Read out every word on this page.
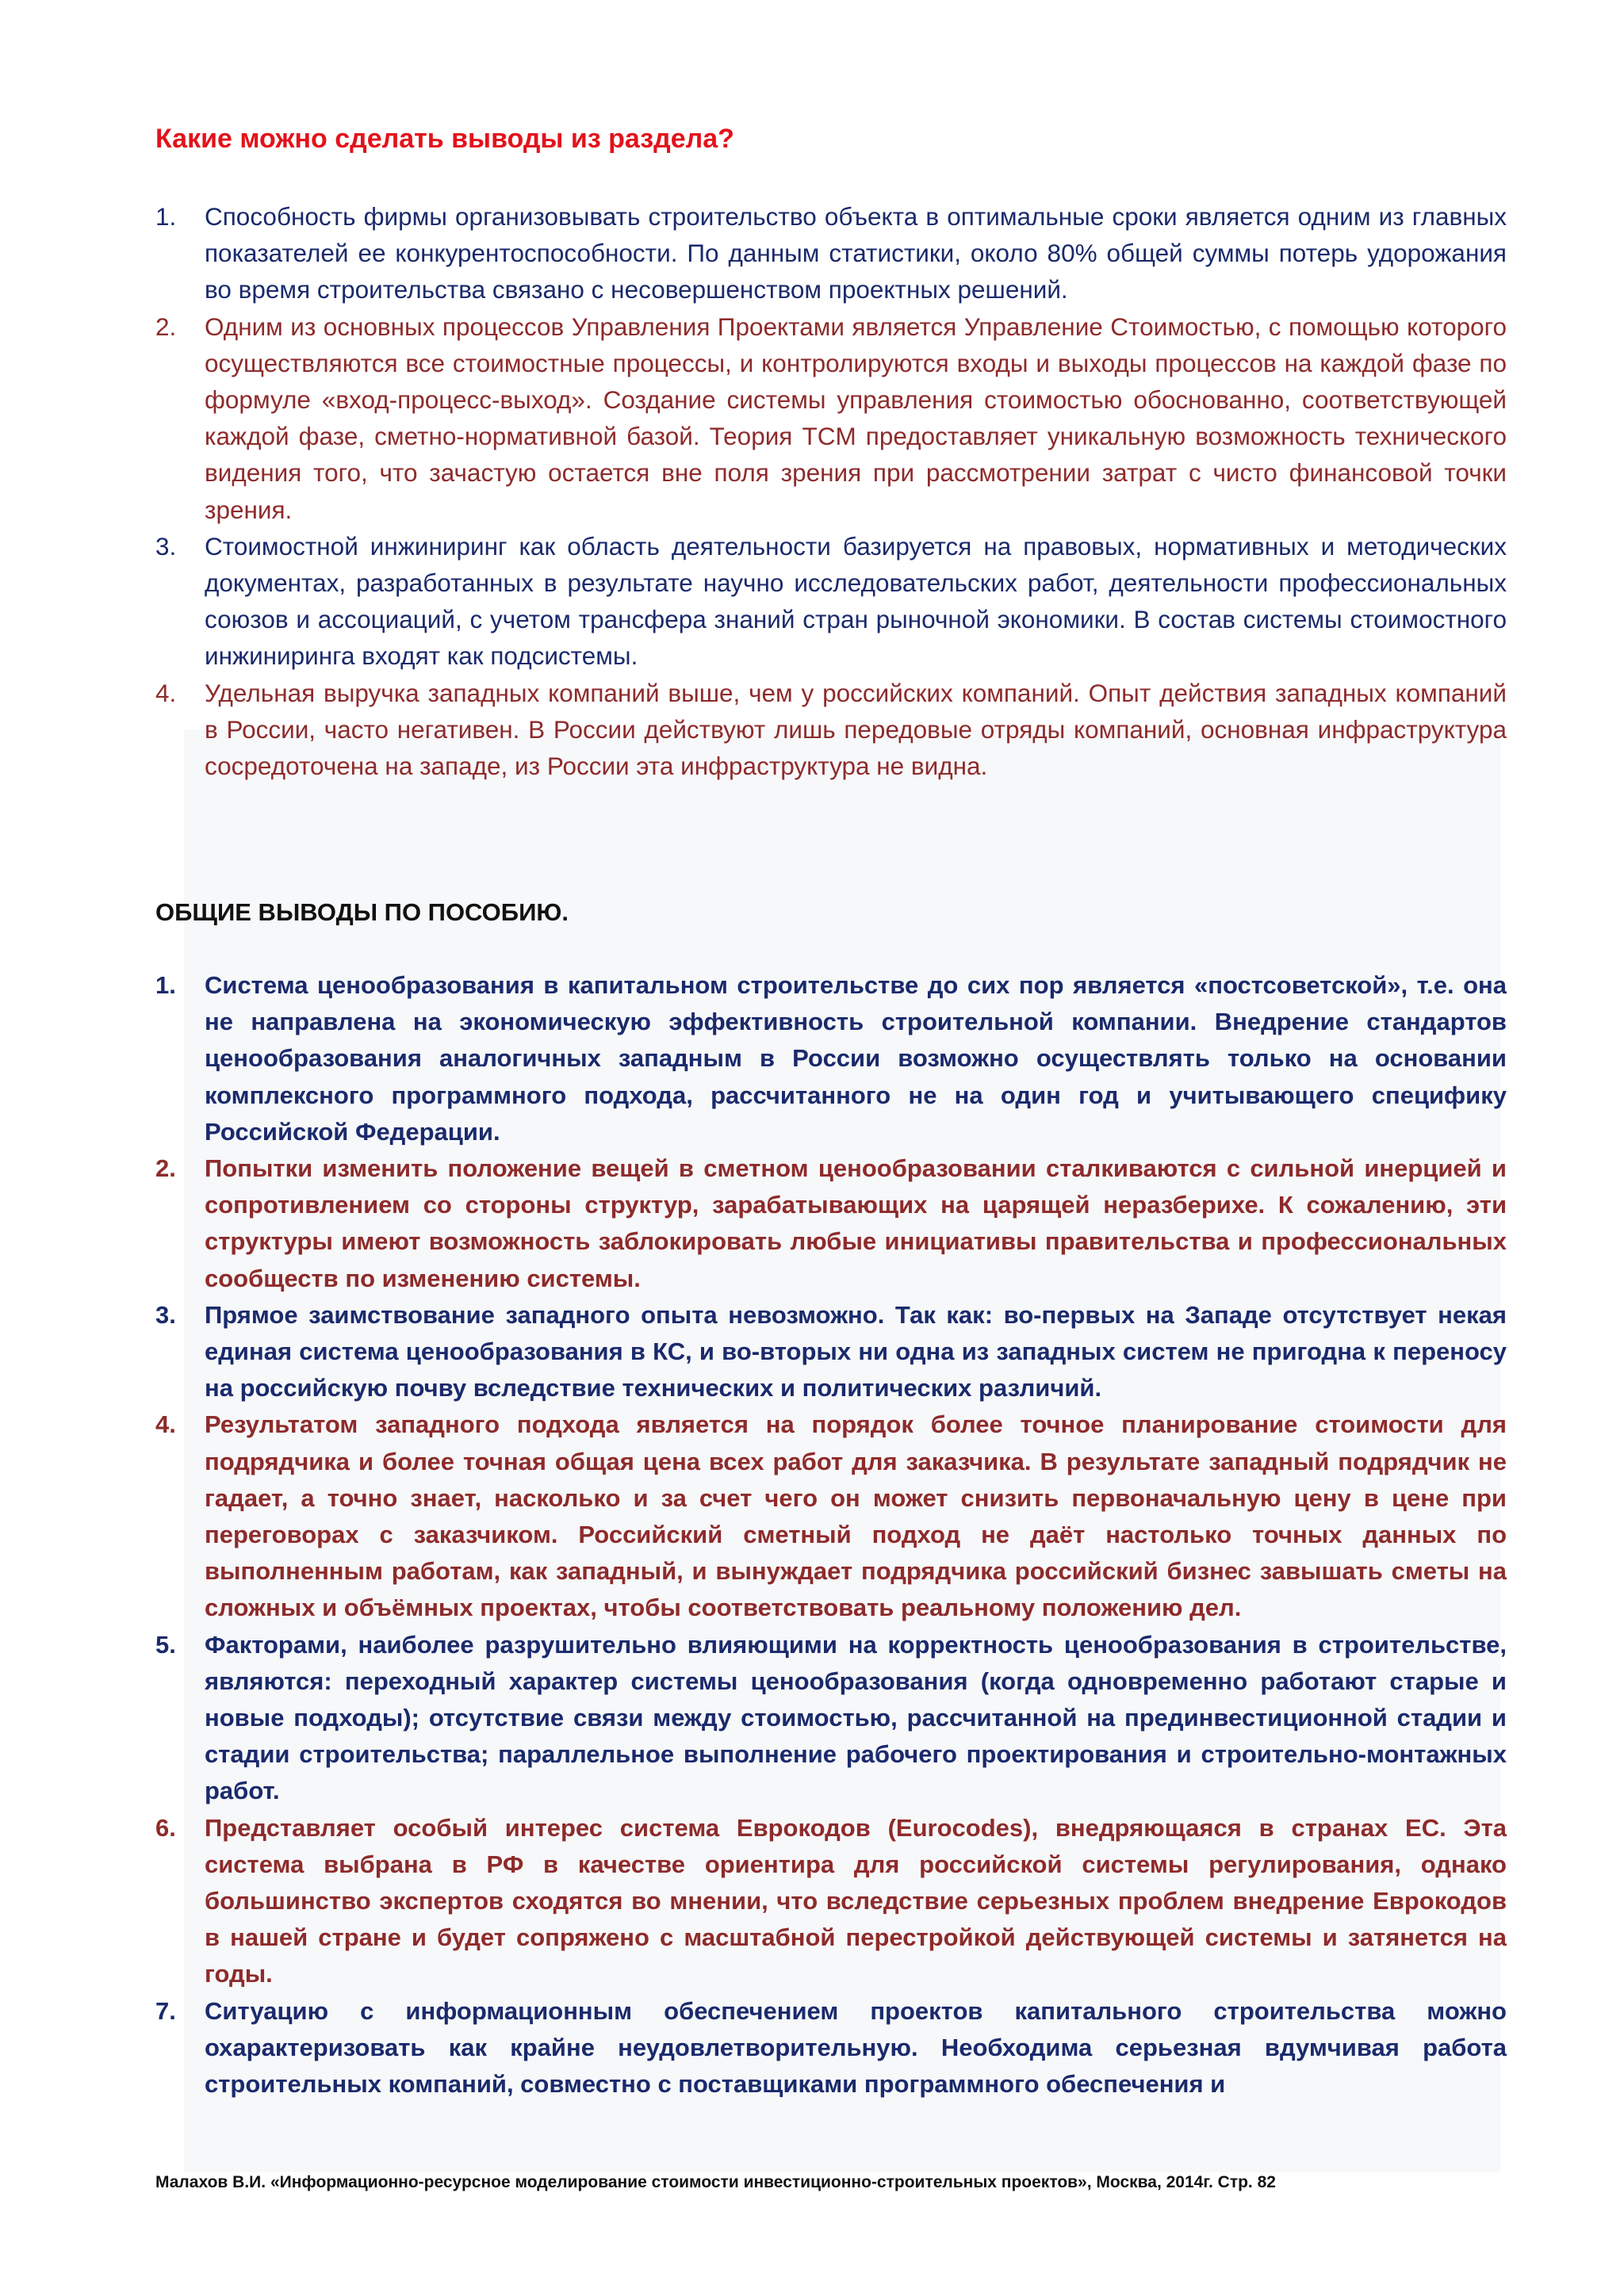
Какие можно сделать выводы из раздела?
1. Способность фирмы организовывать строительство объекта в оптимальные сроки является одним из главных показателей ее конкурентоспособности. По данным статистики, около 80% общей суммы потерь удорожания во время строительства связано с несовершенством проектных решений.
2. Одним из основных процессов Управления Проектами является Управление Стоимостью, с помощью которого осуществляются все стоимостные процессы, и контролируются входы и выходы процессов на каждой фазе по формуле «вход-процесс-выход». Создание системы управления стоимостью обоснованно, соответствующей каждой фазе, сметно-нормативной базой. Теория TCM предоставляет уникальную возможность технического видения того, что зачастую остается вне поля зрения при рассмотрении затрат с чисто финансовой точки зрения.
3. Стоимостной инжиниринг как область деятельности базируется на правовых, нормативных и методических документах, разработанных в результате научно исследовательских работ, деятельности профессиональных союзов и ассоциаций, с учетом трансфера знаний стран рыночной экономики. В состав системы стоимостного инжиниринга входят как подсистемы.
4. Удельная выручка западных компаний выше, чем у российских компаний. Опыт действия западных компаний в России, часто негативен. В России действуют лишь передовые отряды компаний, основная инфраструктура сосредоточена на западе, из России эта инфраструктура не видна.
ОБЩИЕ ВЫВОДЫ ПО ПОСОБИЮ.
1. Система ценообразования в капитальном строительстве до сих пор является «постсоветской», т.е. она не направлена на экономическую эффективность строительной компании. Внедрение стандартов ценообразования аналогичных западным в России возможно осуществлять только на основании комплексного программного подхода, рассчитанного не на один год и учитывающего специфику Российской Федерации.
2. Попытки изменить положение вещей в сметном ценообразовании сталкиваются с сильной инерцией и сопротивлением со стороны структур, зарабатывающих на царящей неразберихе. К сожалению, эти структуры имеют возможность заблокировать любые инициативы правительства и профессиональных сообществ по изменению системы.
3. Прямое заимствование западного опыта невозможно. Так как: во-первых на Западе отсутствует некая единая система ценообразования в КС, и во-вторых ни одна из западных систем не пригодна к переносу на российскую почву вследствие технических и политических различий.
4. Результатом западного подхода является на порядок более точное планирование стоимости для подрядчика и более точная общая цена всех работ для заказчика. В результате западный подрядчик не гадает, а точно знает, насколько и за счет чего он может снизить первоначальную цену в цене при переговорах с заказчиком. Российский сметный подход не даёт настолько точных данных по выполненным работам, как западный, и вынуждает подрядчика российский бизнес завышать сметы на сложных и объёмных проектах, чтобы соответствовать реальному положению дел.
5. Факторами, наиболее разрушительно влияющими на корректность ценообразования в строительстве, являются: переходный характер системы ценообразования (когда одновременно работают старые и новые подходы); отсутствие связи между стоимостью, рассчитанной на прединвестиционной стадии и стадии строительства; параллельное выполнение рабочего проектирования и строительно-монтажных работ.
6. Представляет особый интерес система Еврокодов (Eurocodes), внедряющаяся в странах ЕС. Эта система выбрана в РФ в качестве ориентира для российской системы регулирования, однако большинство экспертов сходятся во мнении, что вследствие серьезных проблем внедрение Еврокодов в нашей стране и будет сопряжено с масштабной перестройкой действующей системы и затянется на годы.
7. Ситуацию с информационным обеспечением проектов капитального строительства можно охарактеризовать как крайне неудовлетворительную. Необходима серьезная вдумчивая работа строительных компаний, совместно с поставщиками программного обеспечения и

Малахов В.И. «Информационно-ресурсное моделирование стоимости инвестиционно-строительных проектов», Москва, 2014г. Стр. 82
